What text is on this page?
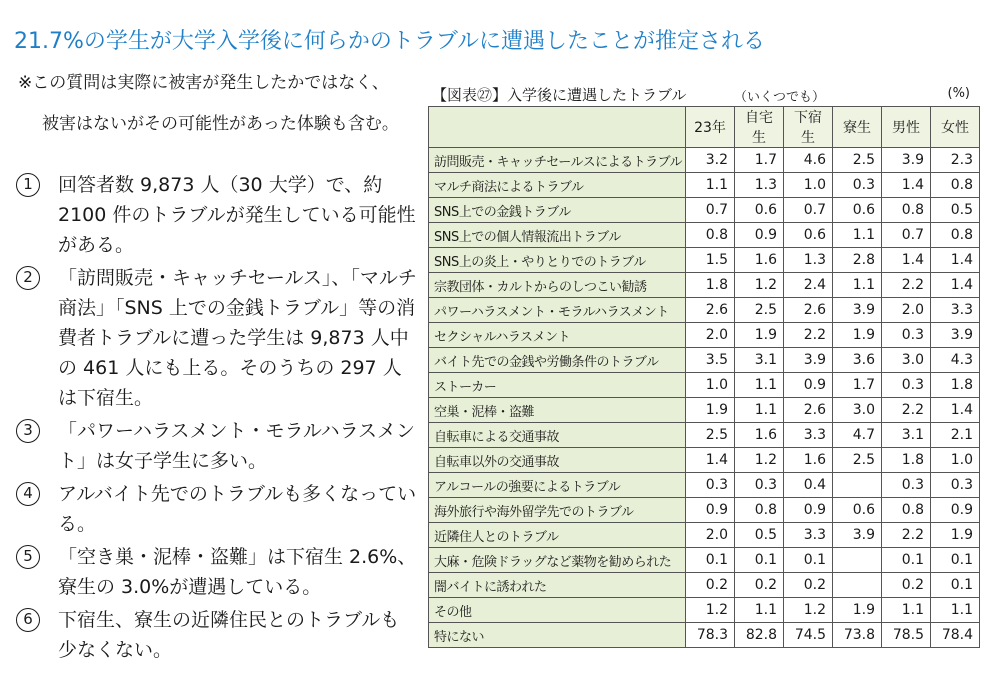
21.7%の学生が大学入学後に何らかのトラブルに遭遇したことが推定される
※この質問は実際に被害が発生したかではなく、
被害はないがその可能性があった体験も含む。
1	回答者数 9,873 人（30 大学）で、約2100 件のトラブルが発生している可能性がある。
2	「訪問販売・キャッチセールス」、「マルチ商法」「SNS 上での金銭トラブル」等の消費者トラブルに遭った学生は 9,873 人中の 461 人にも上る。そのうちの 297 人は下宿生。
3	「パワーハラスメント・モラルハラスメント」は女子学生に多い。
4	アルバイト先でのトラブルも多くなっている。
5	「空き巣・泥棒・盗難」は下宿生 2.6%、寮生の 3.0%が遭遇している。
6	下宿生、寮生の近隣住民とのトラブルも少なくない。
【図表㉗】入学後に遭遇したトラブル	（いくつでも）	(%)
	23年	自宅生	下宿生	寮生	男性	女性
訪問販売・キャッチセールスによるトラブル	3.2	1.7	4.6	2.5	3.9	2.3
マルチ商法によるトラブル	1.1	1.3	1.0	0.3	1.4	0.8
SNS上での金銭トラブル	0.7	0.6	0.7	0.6	0.8	0.5
SNS上での個人情報流出トラブル	0.8	0.9	0.6	1.1	0.7	0.8
SNS上の炎上・やりとりでのトラブル	1.5	1.6	1.3	2.8	1.4	1.4
宗教団体・カルトからのしつこい勧誘	1.8	1.2	2.4	1.1	2.2	1.4
パワーハラスメント・モラルハラスメント	2.6	2.5	2.6	3.9	2.0	3.3
セクシャルハラスメント	2.0	1.9	2.2	1.9	0.3	3.9
バイト先での金銭や労働条件のトラブル	3.5	3.1	3.9	3.6	3.0	4.3
ストーカー	1.0	1.1	0.9	1.7	0.3	1.8
空巣・泥棒・盗難	1.9	1.1	2.6	3.0	2.2	1.4
自転車による交通事故	2.5	1.6	3.3	4.7	3.1	2.1
自転車以外の交通事故	1.4	1.2	1.6	2.5	1.8	1.0
アルコールの強要によるトラブル	0.3	0.3	0.4		0.3	0.3
海外旅行や海外留学先でのトラブル	0.9	0.8	0.9	0.6	0.8	0.9
近隣住人とのトラブル	2.0	0.5	3.3	3.9	2.2	1.9
大麻・危険ドラッグなど薬物を勧められた	0.1	0.1	0.1		0.1	0.1
闇バイトに誘われた	0.2	0.2	0.2		0.2	0.1
その他	1.2	1.1	1.2	1.9	1.1	1.1
特にない	78.3	82.8	74.5	73.8	78.5	78.4
